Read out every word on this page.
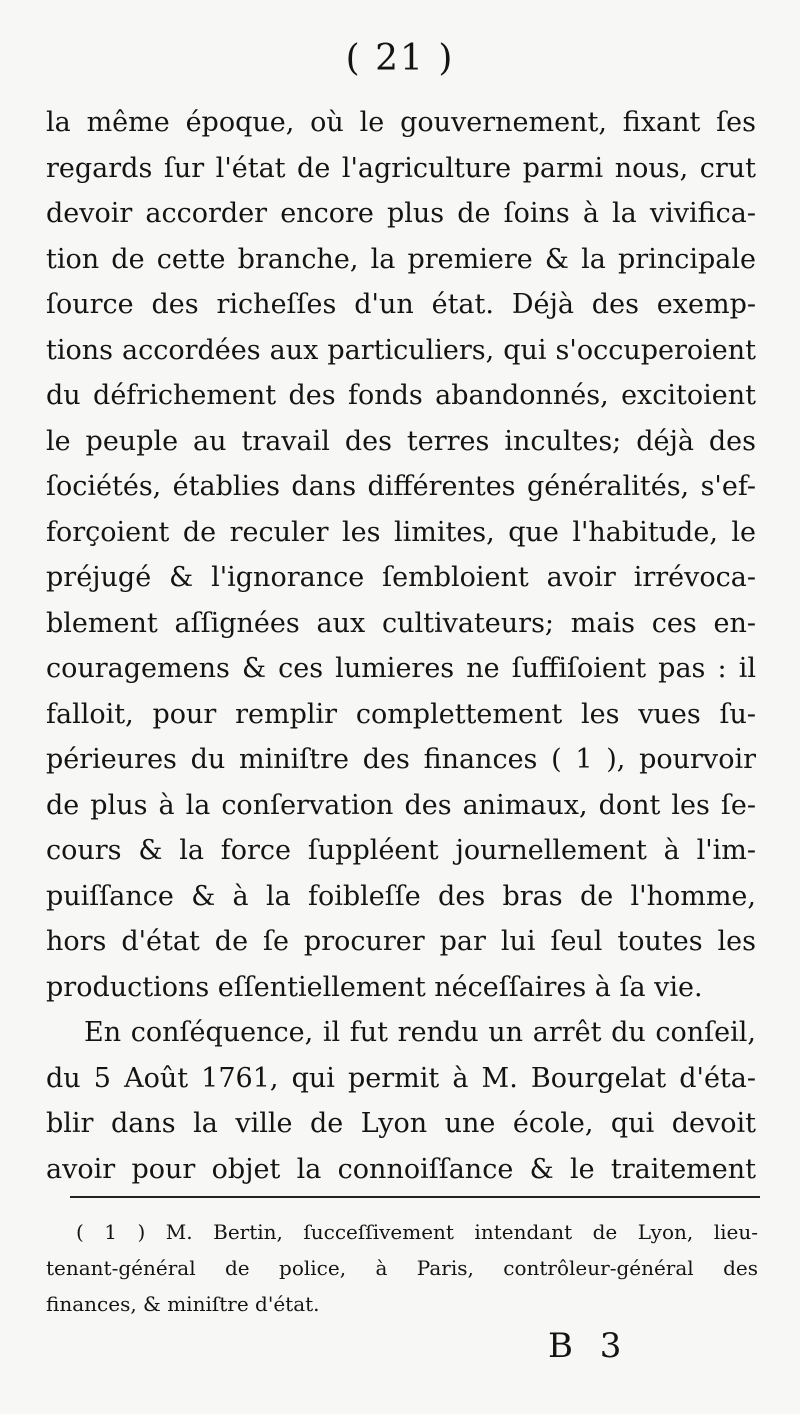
( 21 )
la même époque, où le gouvernement, fixant ſes
regards ſur l'état de l'agriculture parmi nous, crut
devoir accorder encore plus de ſoins à la vivifica-
tion de cette branche, la premiere & la principale
ſource des richeſſes d'un état. Déjà des exemp-
tions accordées aux particuliers, qui s'occuperoient
du défrichement des fonds abandonnés, excitoient
le peuple au travail des terres incultes; déjà des
ſociétés, établies dans différentes généralités, s'ef-
forçoient de reculer les limites, que l'habitude, le
préjugé & l'ignorance ſembloient avoir irrévoca-
blement aſſignées aux cultivateurs; mais ces en-
couragemens & ces lumieres ne ſuffiſoient pas : il
falloit, pour remplir complettement les vues ſu-
périeures du miniſtre des finances ( 1 ), pourvoir
de plus à la conſervation des animaux, dont les ſe-
cours & la force ſuppléent journellement à l'im-
puiſſance & à la foibleſſe des bras de l'homme,
hors d'état de ſe procurer par lui ſeul toutes les
productions eſſentiellement néceſſaires à ſa vie.
En conſéquence, il fut rendu un arrêt du conſeil,
du 5 Août 1761, qui permit à M. Bourgelat d'éta-
blir dans la ville de Lyon une école, qui devoit
avoir pour objet la connoiſſance & le traitement
( 1 ) M. Bertin, ſucceſſivement intendant de Lyon, lieu-
tenant-général de police, à Paris, contrôleur-général des
finances, & miniſtre d'état.
B 3
